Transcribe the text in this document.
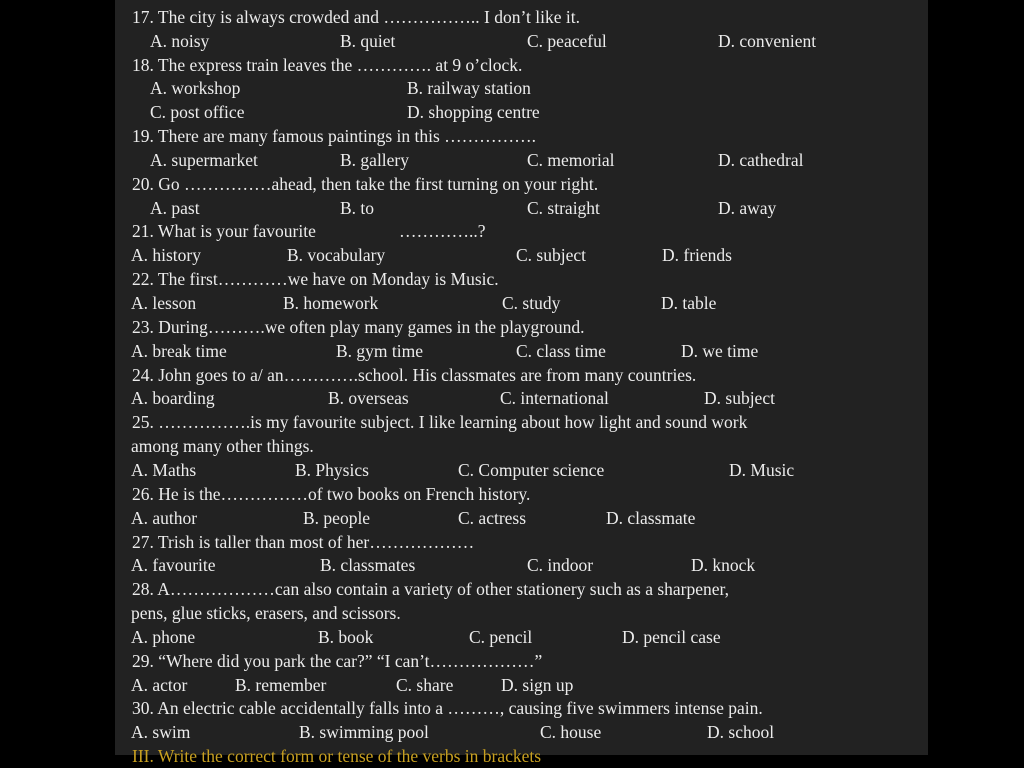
17. The city is always crowded and …………….. I don’t like it.
A. noisy	B. quiet	C. peaceful	D. convenient
18. The express train leaves the …………. at 9 o’clock.
A. workshop	B. railway station
C. post office	D. shopping centre
19. There are many famous paintings in this …………….
A. supermarket	B. gallery	C. memorial	D. cathedral
20. Go ……………ahead, then take the first turning on your right.
A. past	B. to	C. straight	D. away
21. What is your favourite	…………..?
A. history	B. vocabulary	C. subject	D. friends
22. The first…………we have on Monday is Music.
A. lesson	B. homework	C. study	D. table
23. During……….we often play many games in the playground.
A. break time	B. gym time	C. class time	D. we time
24. John goes to a/ an………….school. His classmates are from many countries.
A. boarding	B. overseas	C. international	D. subject
25. …………….is my favourite subject. I like learning about how light and sound work
among many other things.
A. Maths	B. Physics	C. Computer science	D. Music
26. He is the……………of two books on French history.
A. author	B. people	C. actress	D. classmate
27. Trish is taller than most of her………………
A. favourite	B. classmates	C. indoor	D. knock
28. A………………can also contain a variety of other stationery such as a sharpener,
pens, glue sticks, erasers, and scissors.
A. phone	B. book	C. pencil	D. pencil case
29. “Where did you park the car?” “I can’t………………”
A. actor	B. remember	C. share	D. sign up
30. An electric cable accidentally falls into a ………, causing five swimmers intense pain.
A. swim	B. swimming pool	C. house	D. school
III. Write the correct form or tense of the verbs in brackets
